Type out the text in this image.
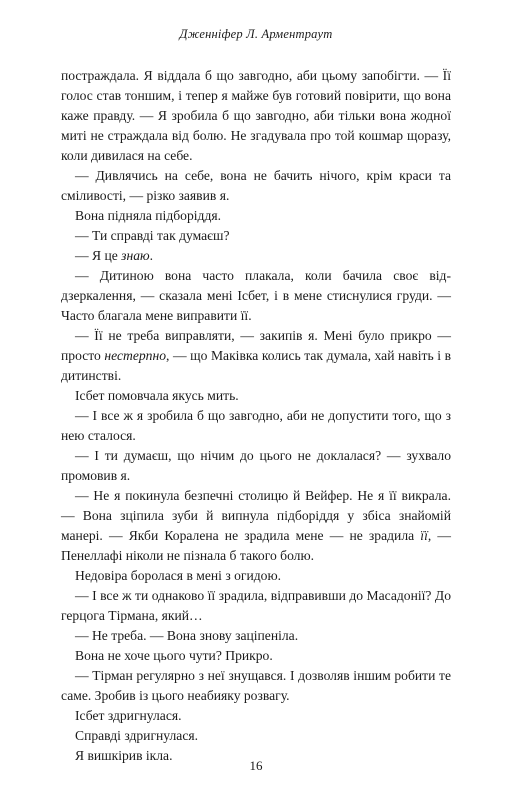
Дженніфер Л. Арментраут

постраждала. Я віддала б що завгодно, аби цьому запобігти. — Її голос став тоншим, і тепер я майже був готовий повірити, що вона каже правду. — Я зробила б що завгодно, аби тільки вона жодної миті не страждала від болю. Не згадувала про той кошмар щоразу, коли дивилася на себе.

— Дивлячись на себе, вона не бачить нічого, крім краси та сміливості, — різко заявив я.

Вона підняла підборіддя.

— Ти справді так думаєш?

— Я це знаю.

— Дитиною вона часто плакала, коли бачила своє віддзеркалення, — сказала мені Ісбет, і в мене стиснулися груди. — Часто благала мене виправити її.

— Її не треба виправляти, — закипів я. Мені було прикро — просто нестерпно, — що Маківка колись так думала, хай навіть і в дитинстві.

Ісбет помовчала якусь мить.

— І все ж я зробила б що завгодно, аби не допустити того, що з нею сталося.

— І ти думаєш, що нічим до цього не доклалася? — зухвало промовив я.

— Не я покинула безпечні столицю й Вейфер. Не я її викрала. — Вона зціпила зуби й випнула підборіддя у збіса знайомій манері. — Якби Коралена не зрадила мене — не зрадила її, — Пенеллафі ніколи не пізнала б такого болю.

Недовіра боролася в мені з огидою.

— І все ж ти однаково її зрадила, відправивши до Масадонії? До герцога Тірмана, який…

— Не треба. — Вона знову заціпеніла.

Вона не хоче цього чути? Прикро.

— Тірман регулярно з неї знущався. І дозволяв іншим робити те саме. Зробив із цього неабияку розвагу.

Ісбет здригнулася.

Справді здригнулася.

Я вишкірив ікла.

16
